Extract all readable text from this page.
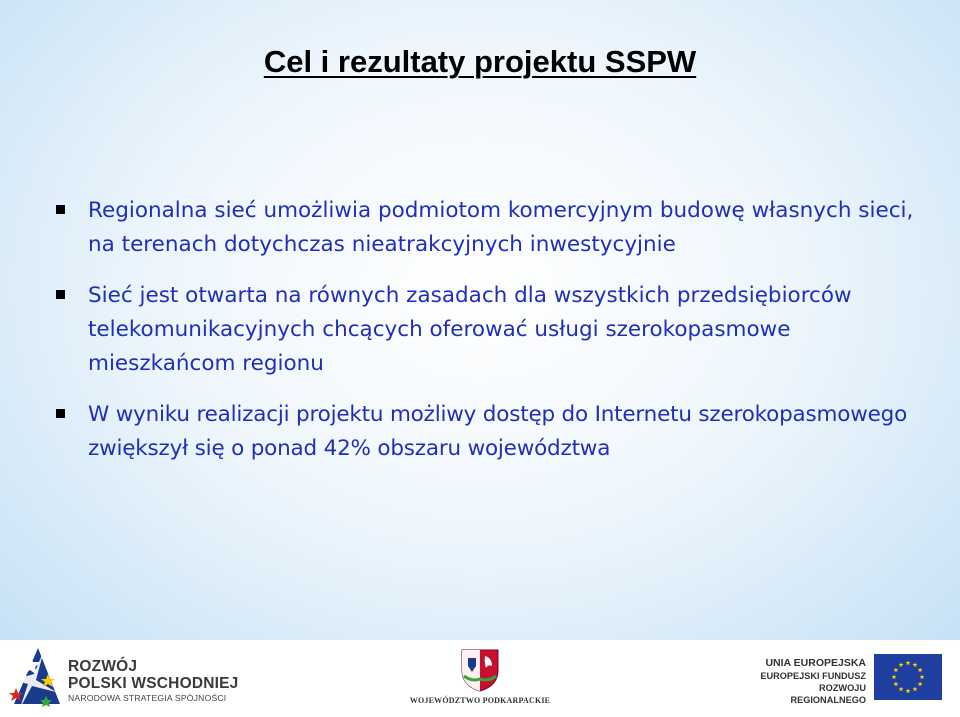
Cel i rezultaty projektu SSPW
Regionalna sieć umożliwia podmiotom komercyjnym budowę własnych sieci, na terenach dotychczas nieatrakcyjnych inwestycyjnie
Sieć jest otwarta na równych zasadach dla wszystkich przedsiębiorców telekomunikacyjnych chcących oferować usługi szerokopasmowe mieszkańcom regionu
W wyniku realizacji projektu możliwy dostęp do Internetu szerokopasmowego zwiększył się o ponad 42% obszaru województwa
ROZWÓJ
POLSKI WSCHODNIEJ
NARODOWA STRATEGIA SPÓJNOŚCI	WOJEWÓDZTWO PODKARPACKIE
UNIA EUROPEJSKA
EUROPEJSKI FUNDUSZ
ROZWOJU REGIONALNEGO
